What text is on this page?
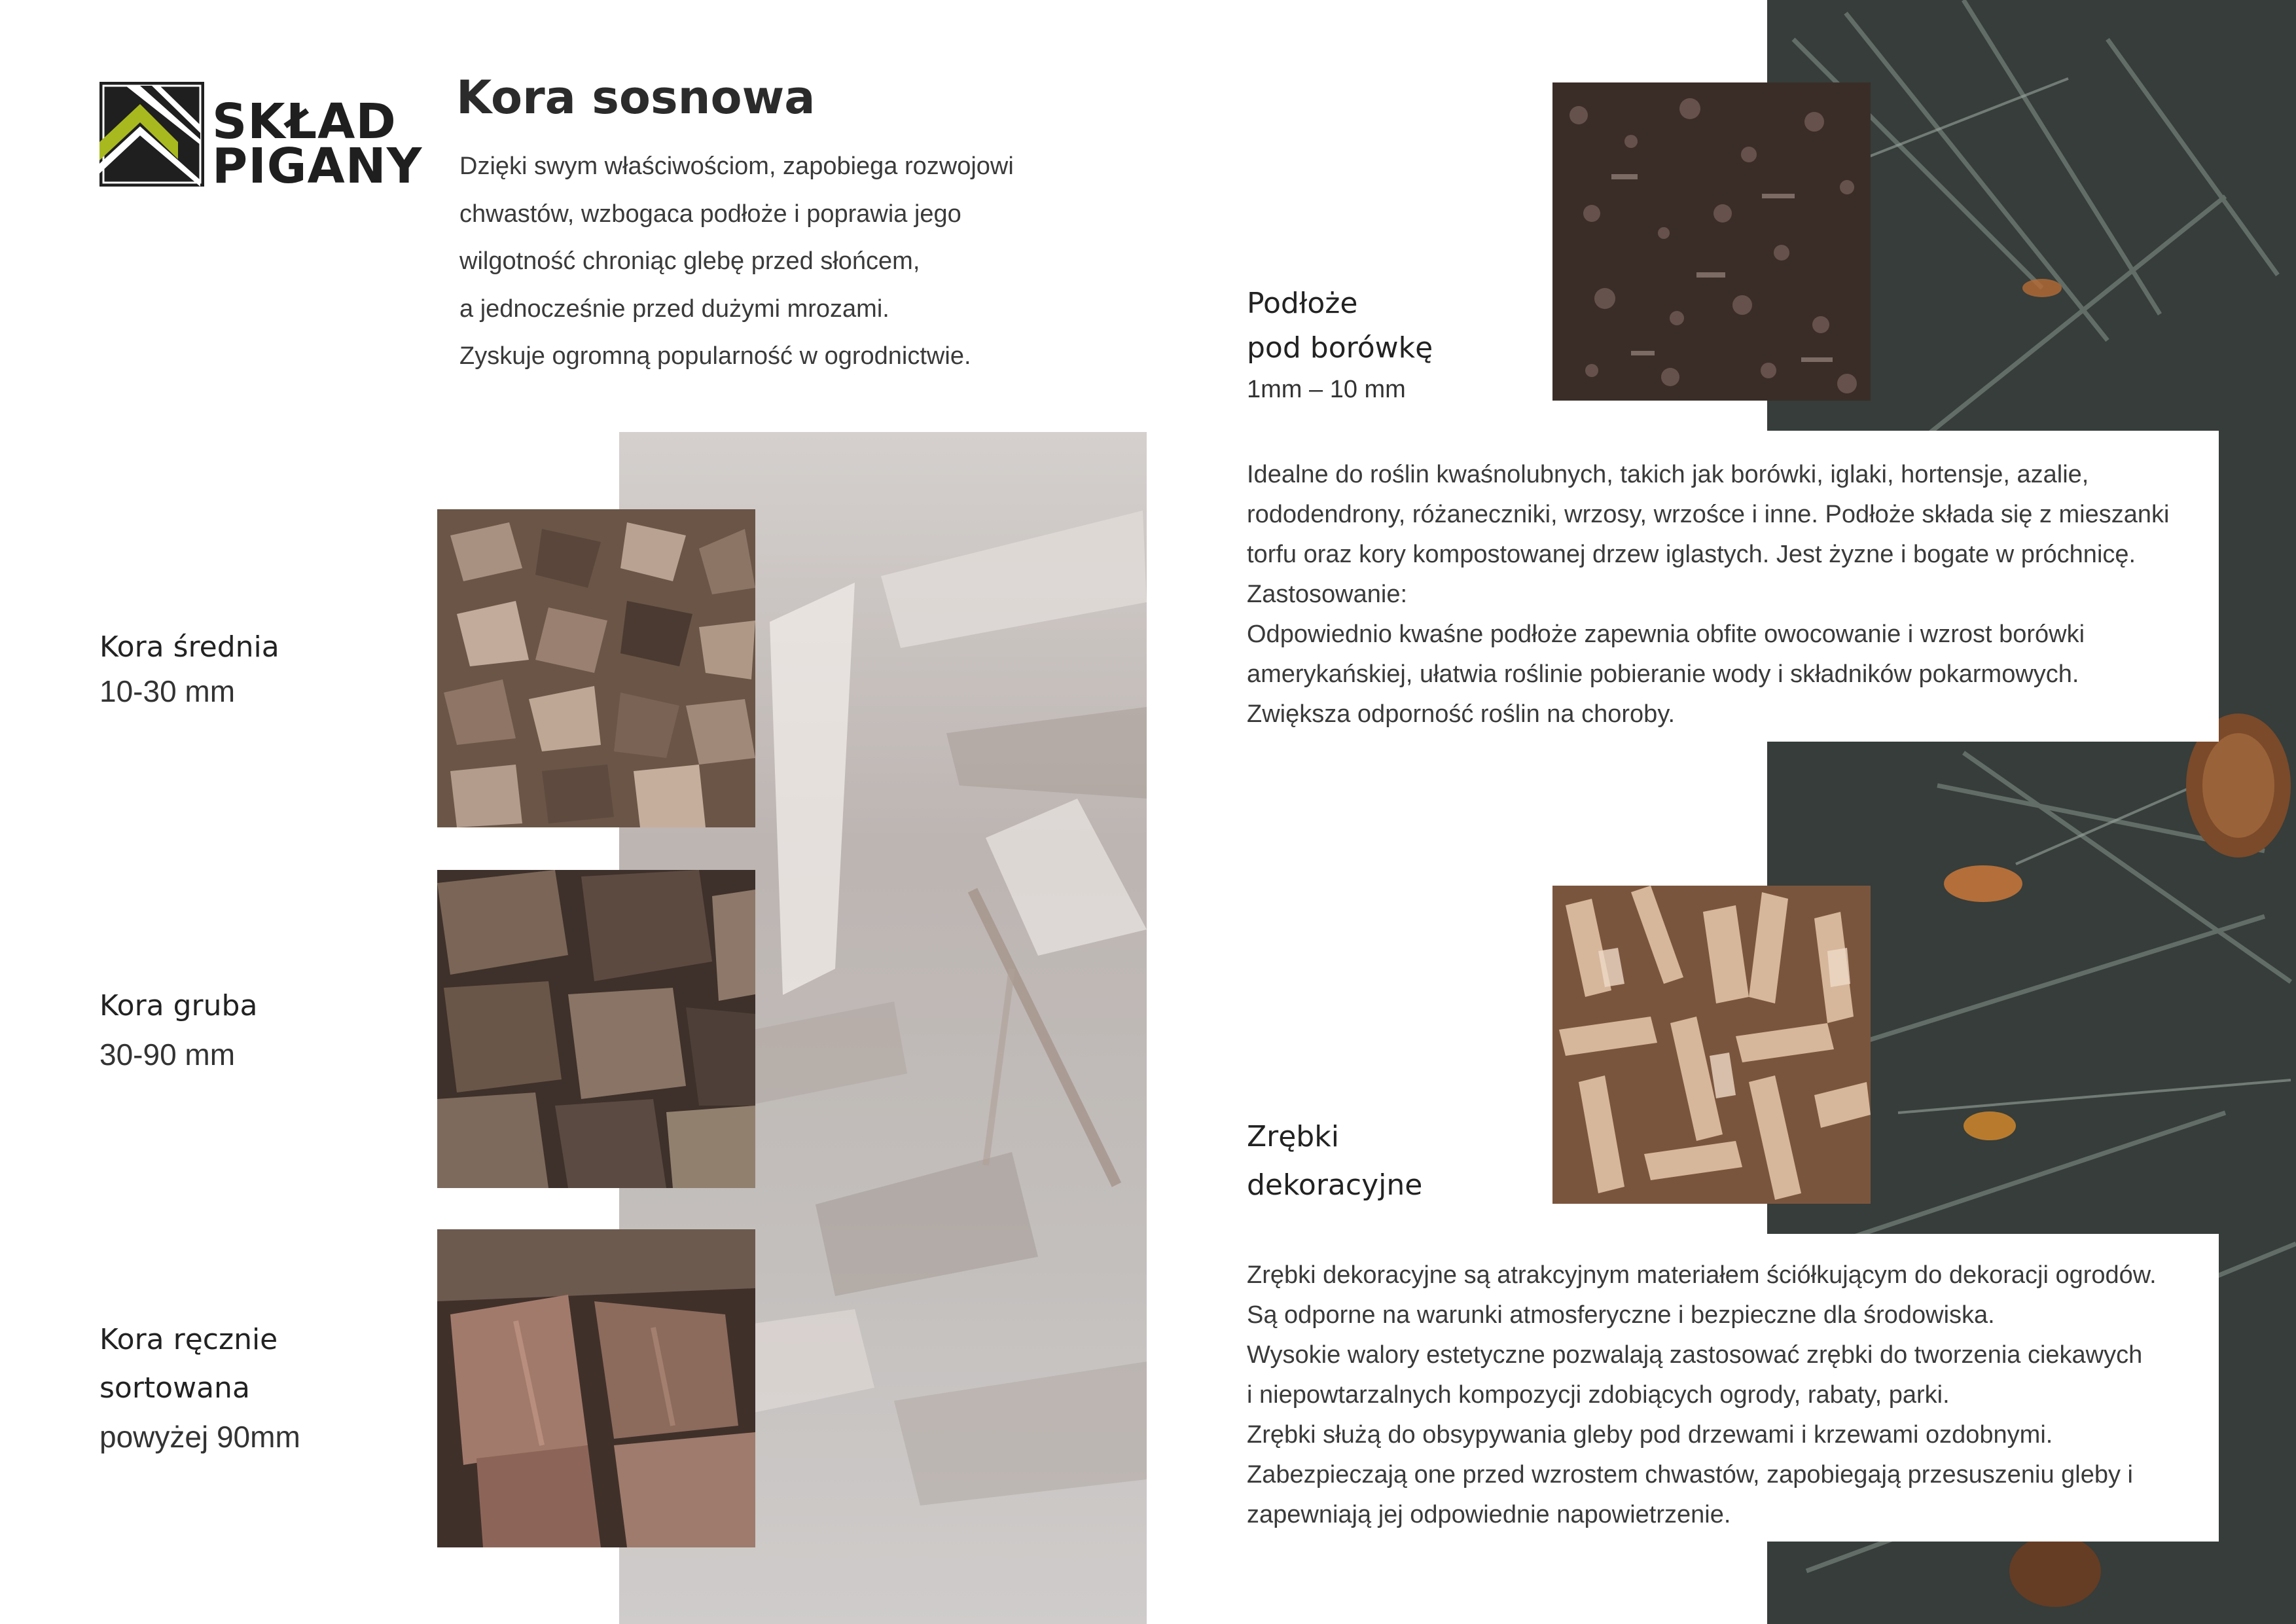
SKŁAD
PIGANY
Kora sosnowa
Dzięki swym właściwościom, zapobiega rozwojowi
chwastów, wzbogaca podłoże i poprawia jego
wilgotność chroniąc glebę przed słońcem,
a jednocześnie przed dużymi mrozami.
Zyskuje ogromną popularność w ogrodnictwie.
Kora średnia
10-30 mm
Kora gruba
30-90 mm
Kora ręcznie
sortowana
powyżej 90mm
Podłoże
pod borówkę
1mm – 10 mm
Idealne do roślin kwaśnolubnych, takich jak borówki, iglaki, hortensje, azalie,
rododendrony, różaneczniki, wrzosy, wrzośce i inne. Podłoże składa się z mieszanki
torfu oraz kory kompostowanej drzew iglastych. Jest żyzne i bogate w próchnicę.
Zastosowanie:
Odpowiednio kwaśne podłoże zapewnia obfite owocowanie i wzrost borówki
amerykańskiej, ułatwia roślinie pobieranie wody i składników pokarmowych.
Zwiększa odporność roślin na choroby.
Zrębki
dekoracyjne
Zrębki dekoracyjne są atrakcyjnym materiałem ściółkującym do dekoracji ogrodów.
Są odporne na warunki atmosferyczne i bezpieczne dla środowiska.
Wysokie walory estetyczne pozwalają zastosować zrębki do tworzenia ciekawych
i niepowtarzalnych kompozycji zdobiących ogrody, rabaty, parki.
Zrębki służą do obsypywania gleby pod drzewami i krzewami ozdobnymi.
Zabezpieczają one przed wzrostem chwastów, zapobiegają przesuszeniu gleby i
zapewniają jej odpowiednie napowietrzenie.
